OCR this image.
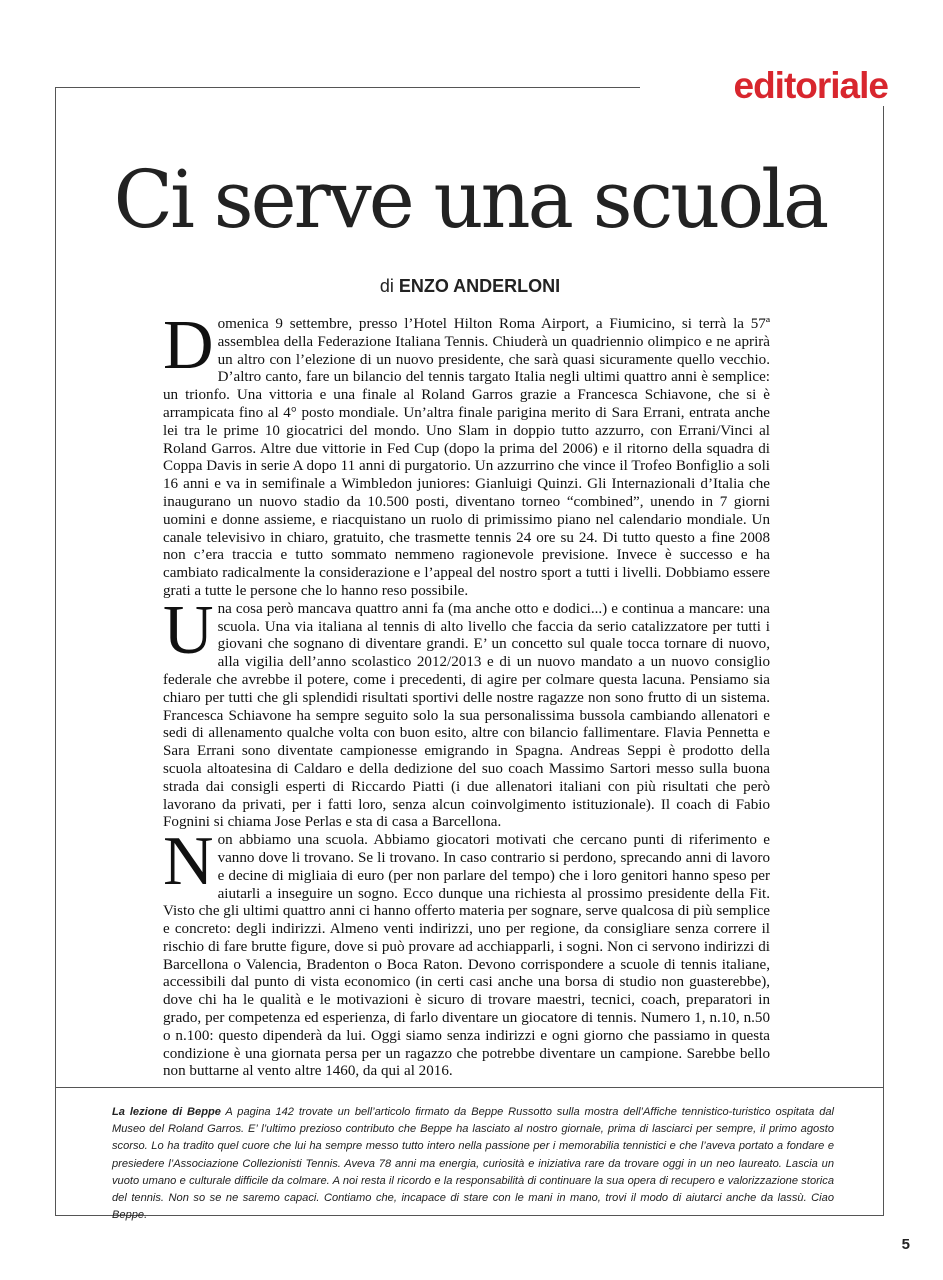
editoriale
Ci serve una scuola
di ENZO ANDERLONI

Domenica 9 settembre, presso l’Hotel Hilton Roma Airport, a Fiumicino, si terrà la 57ª assemblea della Federazione Italiana Tennis. Chiuderà un quadriennio olimpico e ne aprirà un altro con l’elezione di un nuovo presidente, che sarà quasi sicuramente quello vecchio. D’altro canto, fare un bilancio del tennis targato Italia negli ultimi quattro anni è semplice: un trionfo. Una vittoria e una finale al Roland Garros grazie a Francesca Schiavone, che si è arrampicata fino al 4° posto mondiale. Un’altra finale parigina merito di Sara Errani, entrata anche lei tra le prime 10 giocatrici del mondo. Uno Slam in doppio tutto azzurro, con Errani/Vinci al Roland Garros. Altre due vittorie in Fed Cup (dopo la prima del 2006) e il ritorno della squadra di Coppa Davis in serie A dopo 11 anni di purgatorio. Un azzurrino che vince il Trofeo Bonfiglio a soli 16 anni e va in semifinale a Wimbledon juniores: Gianluigi Quinzi. Gli Internazionali d’Italia che inaugurano un nuovo stadio da 10.500 posti, diventano torneo “combined”, unendo in 7 giorni uomini e donne assieme, e riacquistano un ruolo di primissimo piano nel calendario mondiale. Un canale televisivo in chiaro, gratuito, che trasmette tennis 24 ore su 24. Di tutto questo a fine 2008 non c’era traccia e tutto sommato nemmeno ragionevole previsione. Invece è successo e ha cambiato radicalmente la considerazione e l’appeal del nostro sport a tutti i livelli. Dobbiamo essere grati a tutte le persone che lo hanno reso possibile.

Una cosa però mancava quattro anni fa (ma anche otto e dodici...) e continua a mancare: una scuola. Una via italiana al tennis di alto livello che faccia da serio catalizzatore per tutti i giovani che sognano di diventare grandi. E’ un concetto sul quale tocca tornare di nuovo, alla vigilia dell’anno scolastico 2012/2013 e di un nuovo mandato a un nuovo consiglio federale che avrebbe il potere, come i precedenti, di agire per colmare questa lacuna. Pensiamo sia chiaro per tutti che gli splendidi risultati sportivi delle nostre ragazze non sono frutto di un sistema. Francesca Schiavone ha sempre seguito solo la sua personalissima bussola cambiando allenatori e sedi di allenamento qualche volta con buon esito, altre con bilancio fallimentare. Flavia Pennetta e Sara Errani sono diventate campionesse emigrando in Spagna. Andreas Seppi è prodotto della scuola altoatesina di Caldaro e della dedizione del suo coach Massimo Sartori messo sulla buona strada dai consigli esperti di Riccardo Piatti (i due allenatori italiani con più risultati che però lavorano da privati, per i fatti loro, senza alcun coinvolgimento istituzionale). Il coach di Fabio Fognini si chiama Jose Perlas e sta di casa a Barcellona.

Non abbiamo una scuola. Abbiamo giocatori motivati che cercano punti di riferimento e vanno dove li trovano. Se li trovano. In caso contrario si perdono, sprecando anni di lavoro e decine di migliaia di euro (per non parlare del tempo) che i loro genitori hanno speso per aiutarli a inseguire un sogno. Ecco dunque una richiesta al prossimo presidente della Fit. Visto che gli ultimi quattro anni ci hanno offerto materia per sognare, serve qualcosa di più semplice e concreto: degli indirizzi. Almeno venti indirizzi, uno per regione, da consigliare senza correre il rischio di fare brutte figure, dove si può provare ad acchiapparli, i sogni. Non ci servono indirizzi di Barcellona o Valencia, Bradenton o Boca Raton. Devono corrispondere a scuole di tennis italiane, accessibili dal punto di vista economico (in certi casi anche una borsa di studio non guasterebbe), dove chi ha le qualità e le motivazioni è sicuro di trovare maestri, tecnici, coach, preparatori in grado, per competenza ed esperienza, di farlo diventare un giocatore di tennis. Numero 1, n.10, n.50 o n.100: questo dipenderà da lui. Oggi siamo senza indirizzi e ogni giorno che passiamo in questa condizione è una giornata persa per un ragazzo che potrebbe diventare un campione. Sarebbe bello non buttarne al vento altre 1460, da qui al 2016.

La lezione di Beppe A pagina 142 trovate un bell’articolo firmato da Beppe Russotto sulla mostra dell’Affiche tennistico-turistico ospitata dal Museo del Roland Garros. E’ l’ultimo prezioso contributo che Beppe ha lasciato al nostro giornale, prima di lasciarci per sempre, il primo agosto scorso. Lo ha tradito quel cuore che lui ha sempre messo tutto intero nella passione per i memorabilia tennistici e che l’aveva portato a fondare e presiedere l’Associazione Collezionisti Tennis. Aveva 78 anni ma energia, curiosità e iniziativa rare da trovare oggi in un neo laureato. Lascia un vuoto umano e culturale difficile da colmare. A noi resta il ricordo e la responsabilità di continuare la sua opera di recupero e valorizzazione storica del tennis. Non so se ne saremo capaci. Contiamo che, incapace di stare con le mani in mano, trovi il modo di aiutarci anche da lassù. Ciao Beppe.
5
